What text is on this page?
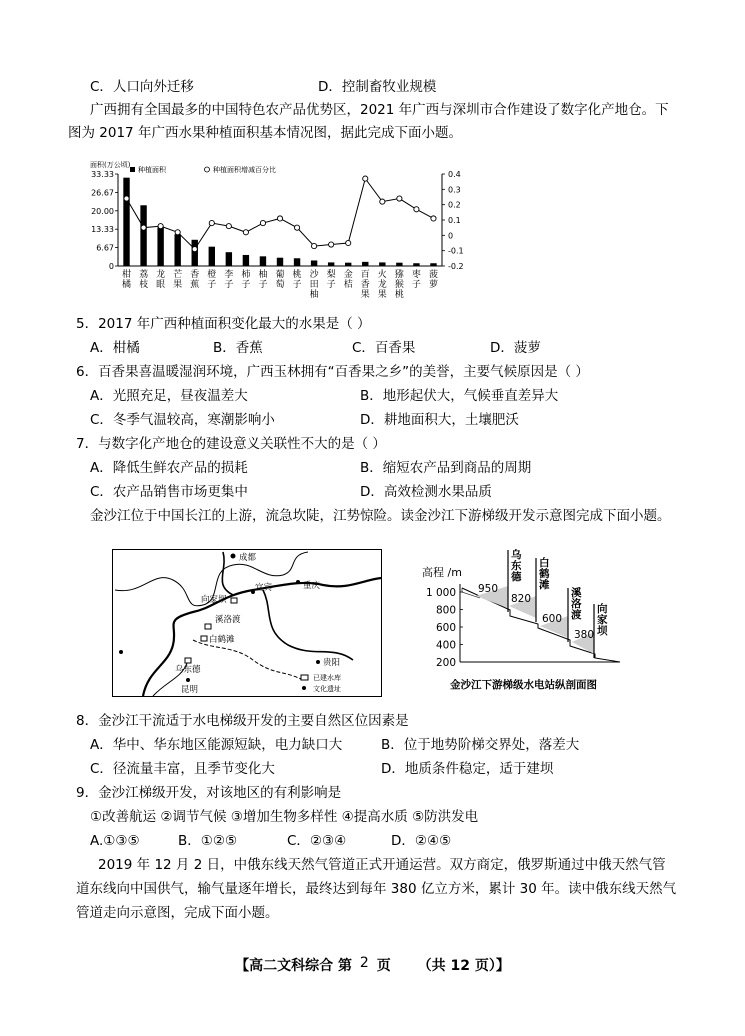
C．人口向外迁移	D．控制畜牧业规模
广西拥有全国最多的中国特色农产品优势区，2021 年广西与深圳市合作建设了数字化产地仓。下
图为 2017 年广西水果种植面积基本情况图，据此完成下面小题。
面积(万公顷)
种植面积	种植面积增减百分比
33.33
26.67
20.00
13.33
6.67
0
0.4
0.3
0.2
0.1
0
-0.1
-0.2
柑橘
荔枝
龙眼
芒果
香蕉
橙子
李子
柿子
柚子
葡萄
桃子
沙田柚
梨子
金桔
百香果
火龙果
猕猴桃
枣子
菠萝
5．2017 年广西种植面积变化最大的水果是（ ）
A．柑橘	B．香蕉	C．百香果	D．菠萝
6．百香果喜温暖湿润环境，广西玉林拥有“百香果之乡”的美誉，主要气候原因是（ ）
A．光照充足，昼夜温差大	B．地形起伏大，气候垂直差异大
C．冬季气温较高，寒潮影响小	D．耕地面积大，土壤肥沃
7．与数字化产地仓的建设意义关联性不大的是（ ）
A．降低生鲜农产品的损耗	B．缩短农产品到商品的周期
C．农产品销售市场更集中	D．高效检测水果品质
金沙江位于中国长江的上游，流急坎陡，江势惊险。读金沙江下游梯级开发示意图完成下面小题。
成都
宜宾	重庆
贵阳
昆明
向家坝
溪洛渡
白鹤滩
乌东德
已建水库
文化遗址
高程 /m
1 000
800
600
400
200
950
乌东德
820
白鹤滩
600
溪洛渡
380
向家坝
金沙江下游梯级水电站纵剖面图
8．金沙江干流适于水电梯级开发的主要自然区位因素是
A．华中、华东地区能源短缺，电力缺口大	B．位于地势阶梯交界处，落差大
C．径流量丰富，且季节变化大	D．地质条件稳定，适于建坝
9．金沙江梯级开发，对该地区的有利影响是
①改善航运 ②调节气候 ③增加生物多样性 ④提高水质 ⑤防洪发电
A.①③⑤	B．①②⑤	C．②③④	D．②④⑤
2019 年 12 月 2 日，中俄东线天然气管道正式开通运营。双方商定，俄罗斯通过中俄天然气管
道东线向中国供气，输气量逐年增长，最终达到每年 380 亿立方米，累计 30 年。读中俄东线天然气
管道走向示意图，完成下面小题。
【高二文科综合 第 2 页 （共 12 页）】
